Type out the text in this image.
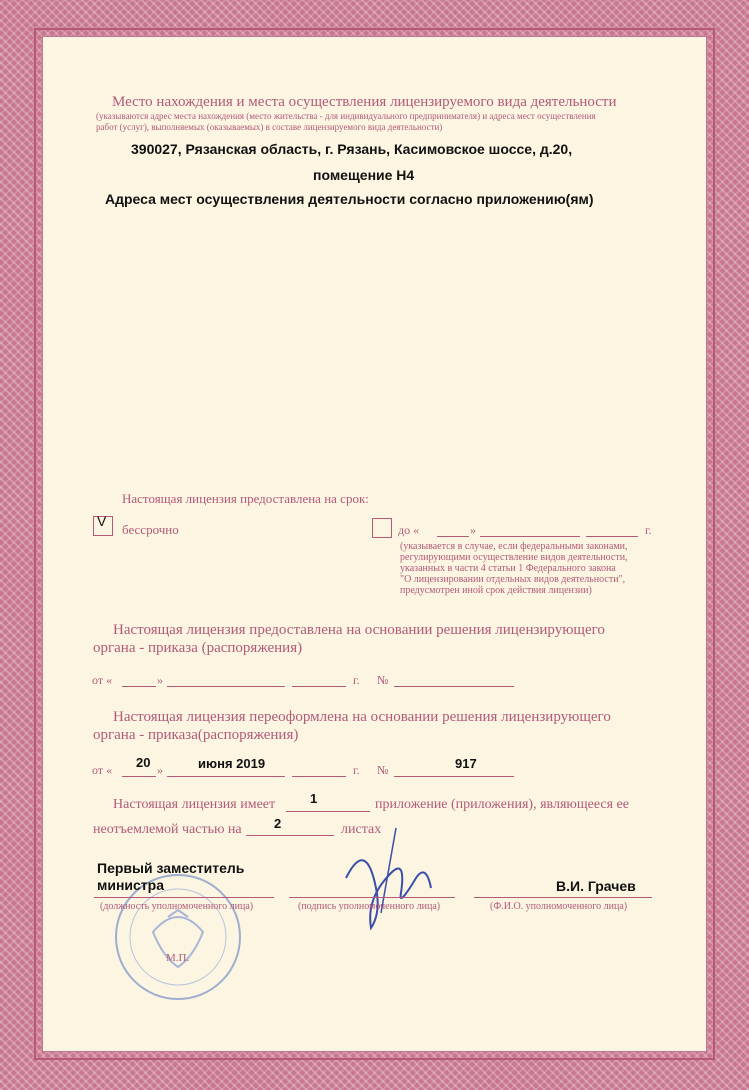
Место нахождения и места осуществления лицензируемого вида деятельности
(указываются адрес места нахождения (место жительства - для индивидуального предпринимателя) и адреса мест осуществления
работ (услуг), выполняемых (оказываемых) в составе лицензируемого вида деятельности)
390027, Рязанская область, г. Рязань, Касимовское шоссе, д.20,
помещение Н4
Адреса мест осуществления деятельности согласно приложению(ям)
Настоящая лицензия предоставлена на срок:
V
бессрочно	до «	»	г.
(указывается в случае, если федеральными законами,
регулирующими осуществление видов деятельности,
указанных в части 4 статьи 1 Федерального закона
"О лицензировании отдельных видов деятельности",
предусмотрен иной срок действия лицензии)
Настоящая лицензия предоставлена на основании решения лицензирующего
органа - приказа (распоряжения)
от «	»	г. №
Настоящая лицензия переоформлена на основании решения лицензирующего
органа - приказа(распоряжения)
от « 20 »	июня 2019	г. №	917
Настоящая лицензия имеет	1	приложение (приложения), являющееся ее
неотъемлемой частью на 2	листах
М.П.
Первый заместитель
министра
(должность уполномоченного лица)	(подпись уполномоченного лица)
В.И. Грачев
(Ф.И.О. уполномоченного лица)
